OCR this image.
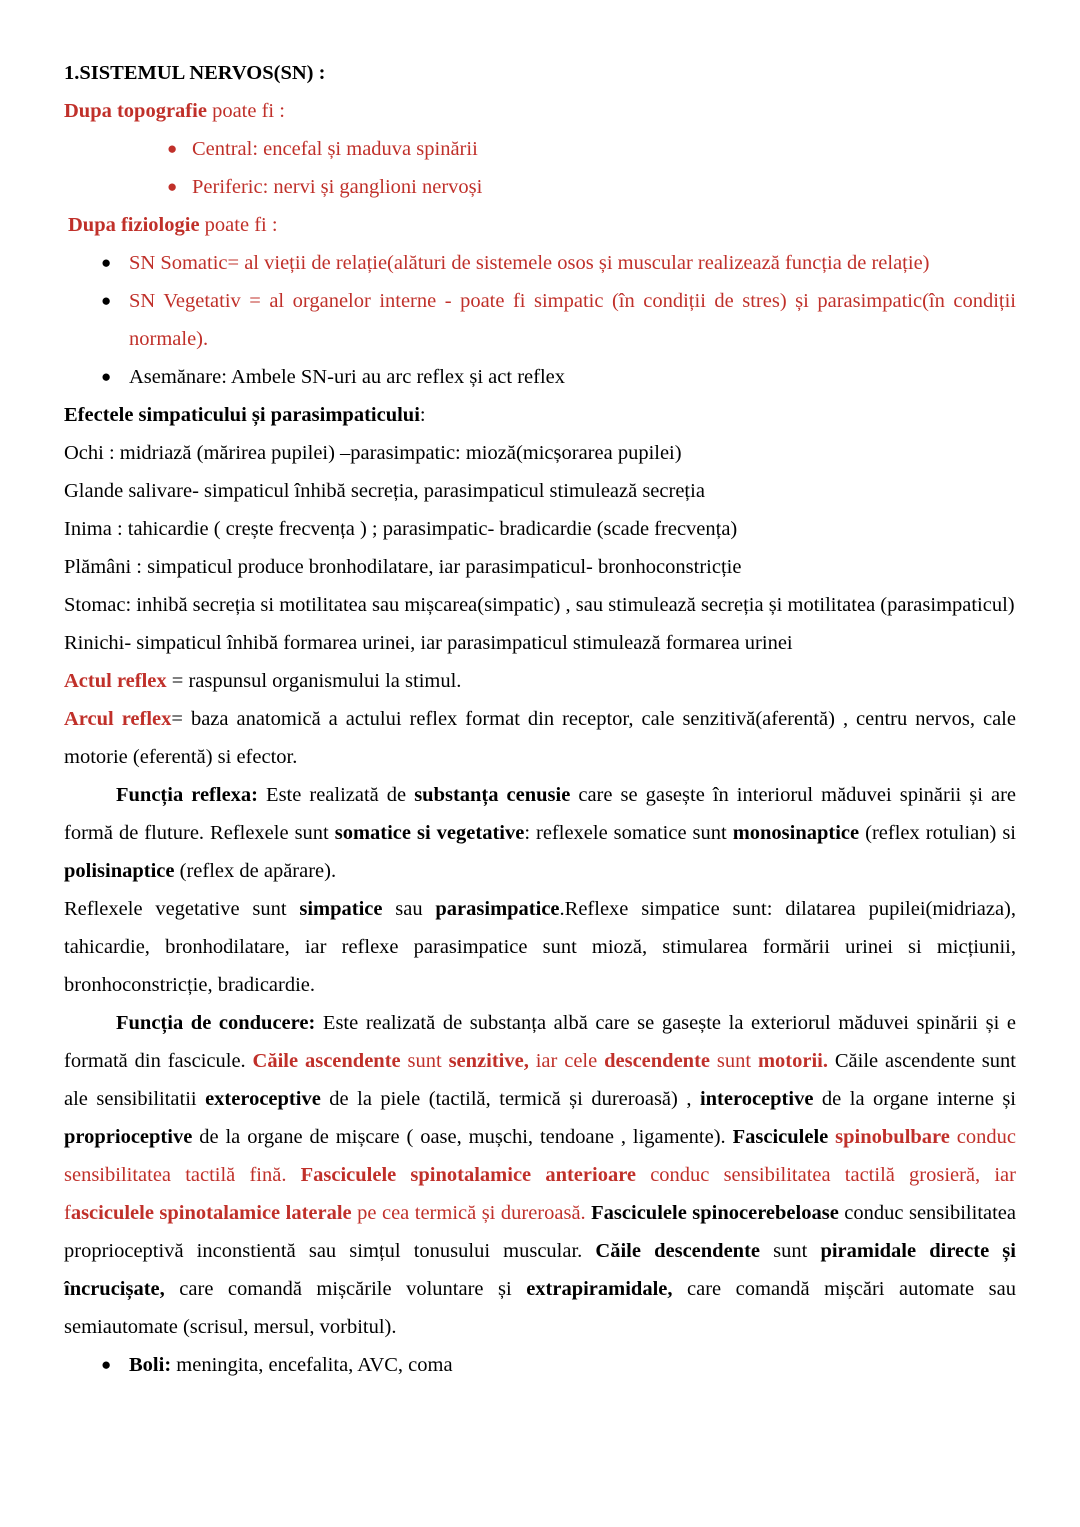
1.SISTEMUL NERVOS(SN) :

Dupa topografie poate fi :

● Central: encefal și maduva spinării
● Periferic: nervi și ganglioni nervoși

Dupa fiziologie poate fi :

● SN Somatic= al vieții de relație(alături de sistemele osos și muscular realizează funcția de relație)
● SN Vegetativ = al organelor interne - poate fi simpatic (în condiții de stres) și parasimpatic(în condiții normale).
● Asemănare: Ambele SN-uri au arc reflex și act reflex

Efectele simpaticului și parasimpaticului:

Ochi : midriază (mărirea pupilei) –parasimpatic: mioză(micșorarea pupilei)

Glande salivare- simpaticul înhibă secreția, parasimpaticul stimulează secreția

Inima : tahicardie ( crește frecvența ) ; parasimpatic- bradicardie (scade frecvența)

Plămâni : simpaticul produce bronhodilatare, iar parasimpaticul- bronhoconstricție

Stomac: inhibă secreția si motilitatea sau mișcarea(simpatic) , sau stimulează secreția și motilitatea (parasimpaticul)

Rinichi- simpaticul înhibă formarea urinei, iar parasimpaticul stimulează formarea urinei

Actul reflex = raspunsul organismului la stimul.

Arcul reflex= baza anatomică a actului reflex format din receptor, cale senzitivă(aferentă) , centru nervos, cale motorie (eferentă) si efector.

Funcția reflexa: Este realizată de substanța cenusie care se gasește în interiorul măduvei spinării și are formă de fluture. Reflexele sunt somatice si vegetative: reflexele somatice sunt monosinaptice (reflex rotulian) si polisinaptice (reflex de apărare).

Reflexele vegetative sunt simpatice sau parasimpatice.Reflexe simpatice sunt: dilatarea pupilei(midriaza), tahicardie, bronhodilatare, iar reflexe parasimpatice sunt mioză, stimularea formării urinei si micțiunii, bronhoconstricție, bradicardie.

Funcția de conducere: Este realizată de substanța albă care se gasește la exteriorul măduvei spinării și e formată din fascicule. Căile ascendente sunt senzitive, iar cele descendente sunt motorii. Căile ascendente sunt ale sensibilitatii exteroceptive de la piele (tactilă, termică și dureroasă) , interoceptive de la organe interne și proprioceptive de la organe de mișcare ( oase, mușchi, tendoane , ligamente). Fasciculele spinobulbare conduc sensibilitatea tactilă fină. Fasciculele spinotalamice anterioare conduc sensibilitatea tactilă grosieră, iar fasciculele spinotalamice laterale pe cea termică și dureroasă. Fasciculele spinocerebeloase conduc sensibilitatea proprioceptivă inconstientă sau simțul tonusului muscular. Căile descendente sunt piramidale directe și încrucișate, care comandă mișcările voluntare și extrapiramidale, care comandă mișcări automate sau semiautomate (scrisul, mersul, vorbitul).

● Boli: meningita, encefalita, AVC, coma
